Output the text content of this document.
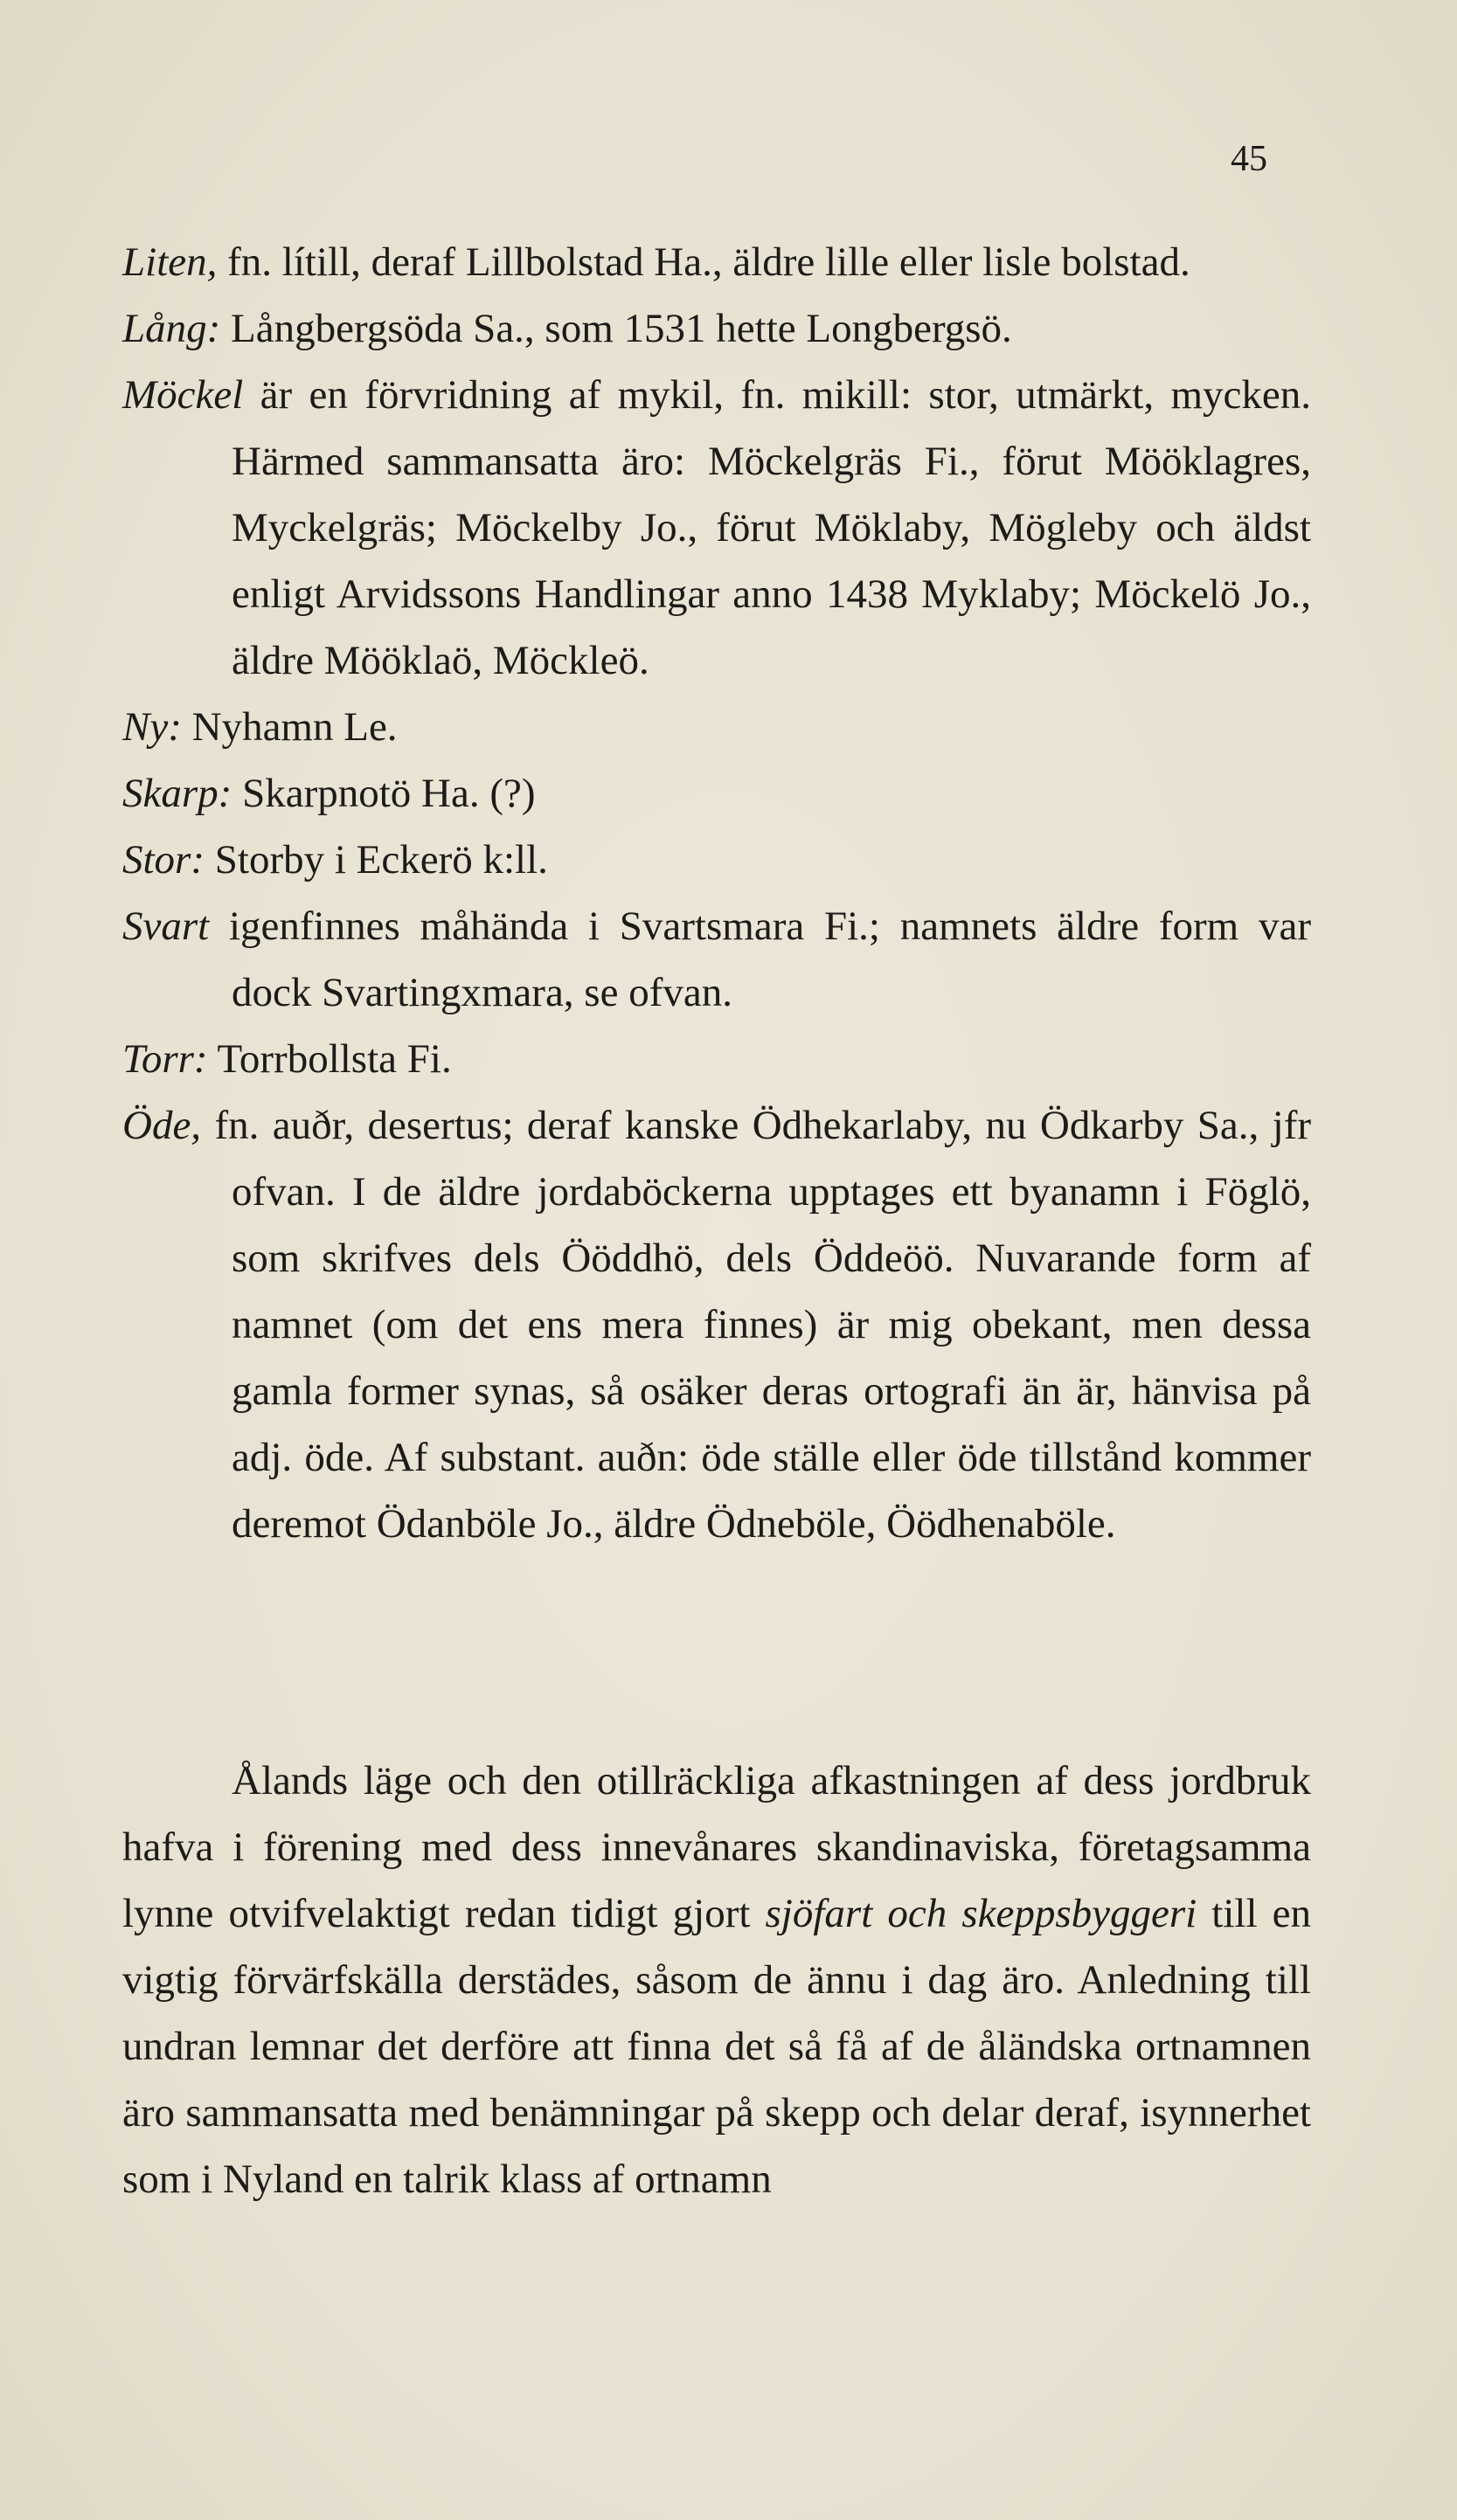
45
Liten, fn. lítill, deraf Lillbolstad Ha., äldre lille eller lisle bolstad.
Lång: Långbergsöda Sa., som 1531 hette Longbergsö.
Möckel är en förvridning af mykil, fn. mikill: stor, utmärkt, mycken. Härmed sammansatta äro: Möckelgräs Fi., förut Mööklagres, Myckelgräs; Möckelby Jo., förut Möklaby, Mögleby och äldst enligt Arvidssons Handlingar anno 1438 Myklaby; Möckelö Jo., äldre Mööklaö, Möckleö.
Ny: Nyhamn Le.
Skarp: Skarpnotö Ha. (?)
Stor: Storby i Eckerö k:ll.
Svart igenfinnes måhända i Svartsmara Fi.; namnets äldre form var dock Svartingxmara, se ofvan.
Torr: Torrbollsta Fi.
Öde, fn. auðr, desertus; deraf kanske Ödhekarlaby, nu Ödkarby Sa., jfr ofvan. I de äldre jordaböckerna upptages ett byanamn i Föglö, som skrifves dels Ööddhö, dels Öddeöö. Nuvarande form af namnet (om det ens mera finnes) är mig obekant, men dessa gamla former synas, så osäker deras ortografi än är, hänvisa på adj. öde. Af substant. auðn: öde ställe eller öde tillstånd kommer deremot Ödanböle Jo., äldre Ödneböle, Öödhenaböle.
Ålands läge och den otillräckliga afkastningen af dess jordbruk hafva i förening med dess innevånares skandinaviska, företagsamma lynne otvifvelaktigt redan tidigt gjort sjöfart och skeppsbyggeri till en vigtig förvärfskälla derstädes, såsom de ännu i dag äro. Anledning till undran lemnar det derföre att finna det så få af de åländska ortnamnen äro sammansatta med benämningar på skepp och delar deraf, isynnerhet som i Nyland en talrik klass af ortnamn
